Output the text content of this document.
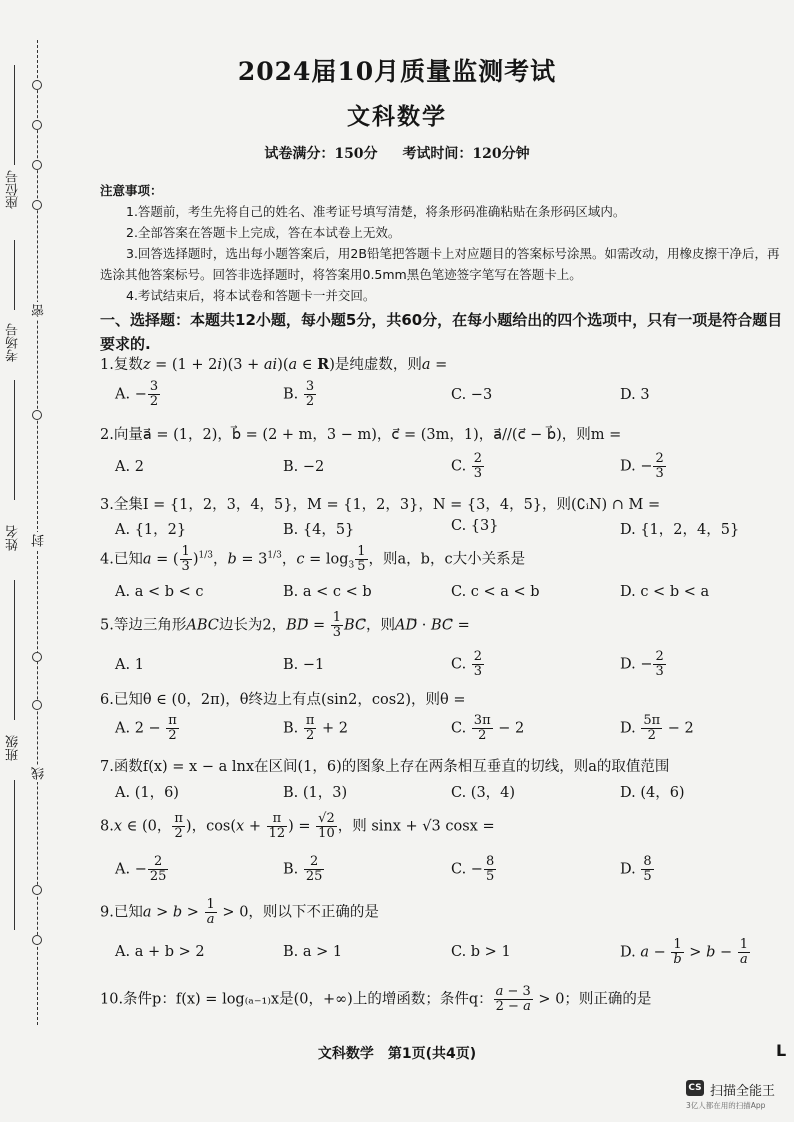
座位号
考场号
姓名
班级
密
封
线
2024届10月质量监测考试
文科数学
试卷满分：150分 考试时间：120分钟
注意事项：
1.答题前，考生先将自己的姓名、准考证号填写清楚，将条形码准确粘贴在条形码区域内。
2.全部答案在答题卡上完成，答在本试卷上无效。
3.回答选择题时，选出每小题答案后，用2B铅笔把答题卡上对应题目的答案标号涂黑。如需改动，用橡皮擦干净后，再选涂其他答案标号。回答非选择题时，将答案用0.5mm黑色笔迹签字笔写在答题卡上。
4.考试结束后，将本试卷和答题卡一并交回。
一、选择题：本题共12小题，每小题5分，共60分，在每小题给出的四个选项中，只有一项是符合题目要求的.
1.复数z = (1 + 2i)(3 + ai)(a ∈ R)是纯虚数，则a =
A. − $\frac{3}{2}$	B. $\frac{3}{2}$	C. −3	D. 3
2.向量a⃗ = (1，2)，b⃗ = (2 + m，3 − m)，c⃗ = (3m，1)，a⃗//(c⃗ − b⃗)，则m =
A. 2	B. −2	C. $\frac{2}{3}$	D. − $\frac{2}{3}$
3.全集I = {1，2，3，4，5}，M = {1，2，3}，N = {3，4，5}，则(∁ᵢN) ∩ M =
A. {1，2}	B. {4，5}	C. {3}	D. {1，2，4，5}
4.已知a = ( $\frac{1}{3} )^{1/3}$，$b = 3^{1/3}$，$c = \log_3 \frac{1}{5}$ ，则a，b，c大小关系是
A. a < b < c	B. a < c < b	C. c < a < b	D. c < b < a
5.等边三角形ABC边长为2，BD⃗ = $\frac{1}{3}$ BC⃗，则AD⃗ · BC⃗ =
A. 1	B. −1	C. $\frac{2}{3}$	D. − $\frac{2}{3}$
6.已知θ ∈ (0，2π)，θ终边上有点(sin2，cos2)，则θ =
A. $2 - \frac{\pi}{2}$	B. $\frac{\pi}{2} + 2$	C. $\frac{3\pi}{2} - 2$	D. $\frac{5\pi}{2} - 2$
7.函数f(x) = x − a lnx在区间(1，6)的图象上存在两条相互垂直的切线，则a的取值范围
A. (1，6)	B. (1，3)	C. (3，4)	D. (4，6)
8.x ∈ (0， $\frac{\pi}{2}$ )，$\cos(x + \frac{\pi}{12}$ ) = $\frac{√2}{10}$ ，则 sinx + √3 cosx =
A. − $\frac{2}{25}$	B. $\frac{2}{25}$	C. − $\frac{8}{5}$	D. $\frac{8}{5}$
9.已知$a > b > \frac{1}{a} > 0$，则以下不正确的是
A. a + b > 2	B. a > 1	C. b > 1	D. $a - \frac{1}{b} > b - \frac{1}{a}$
10.条件p：f(x) = log₍ₐ₋₁₎x是(0，+∞)上的增函数；条件q： $\frac{a - 3}{2 - a} > 0$；则正确的是
文科数学　第1页(共4页)	L
CS 扫描全能王
3亿人都在用的扫描App
